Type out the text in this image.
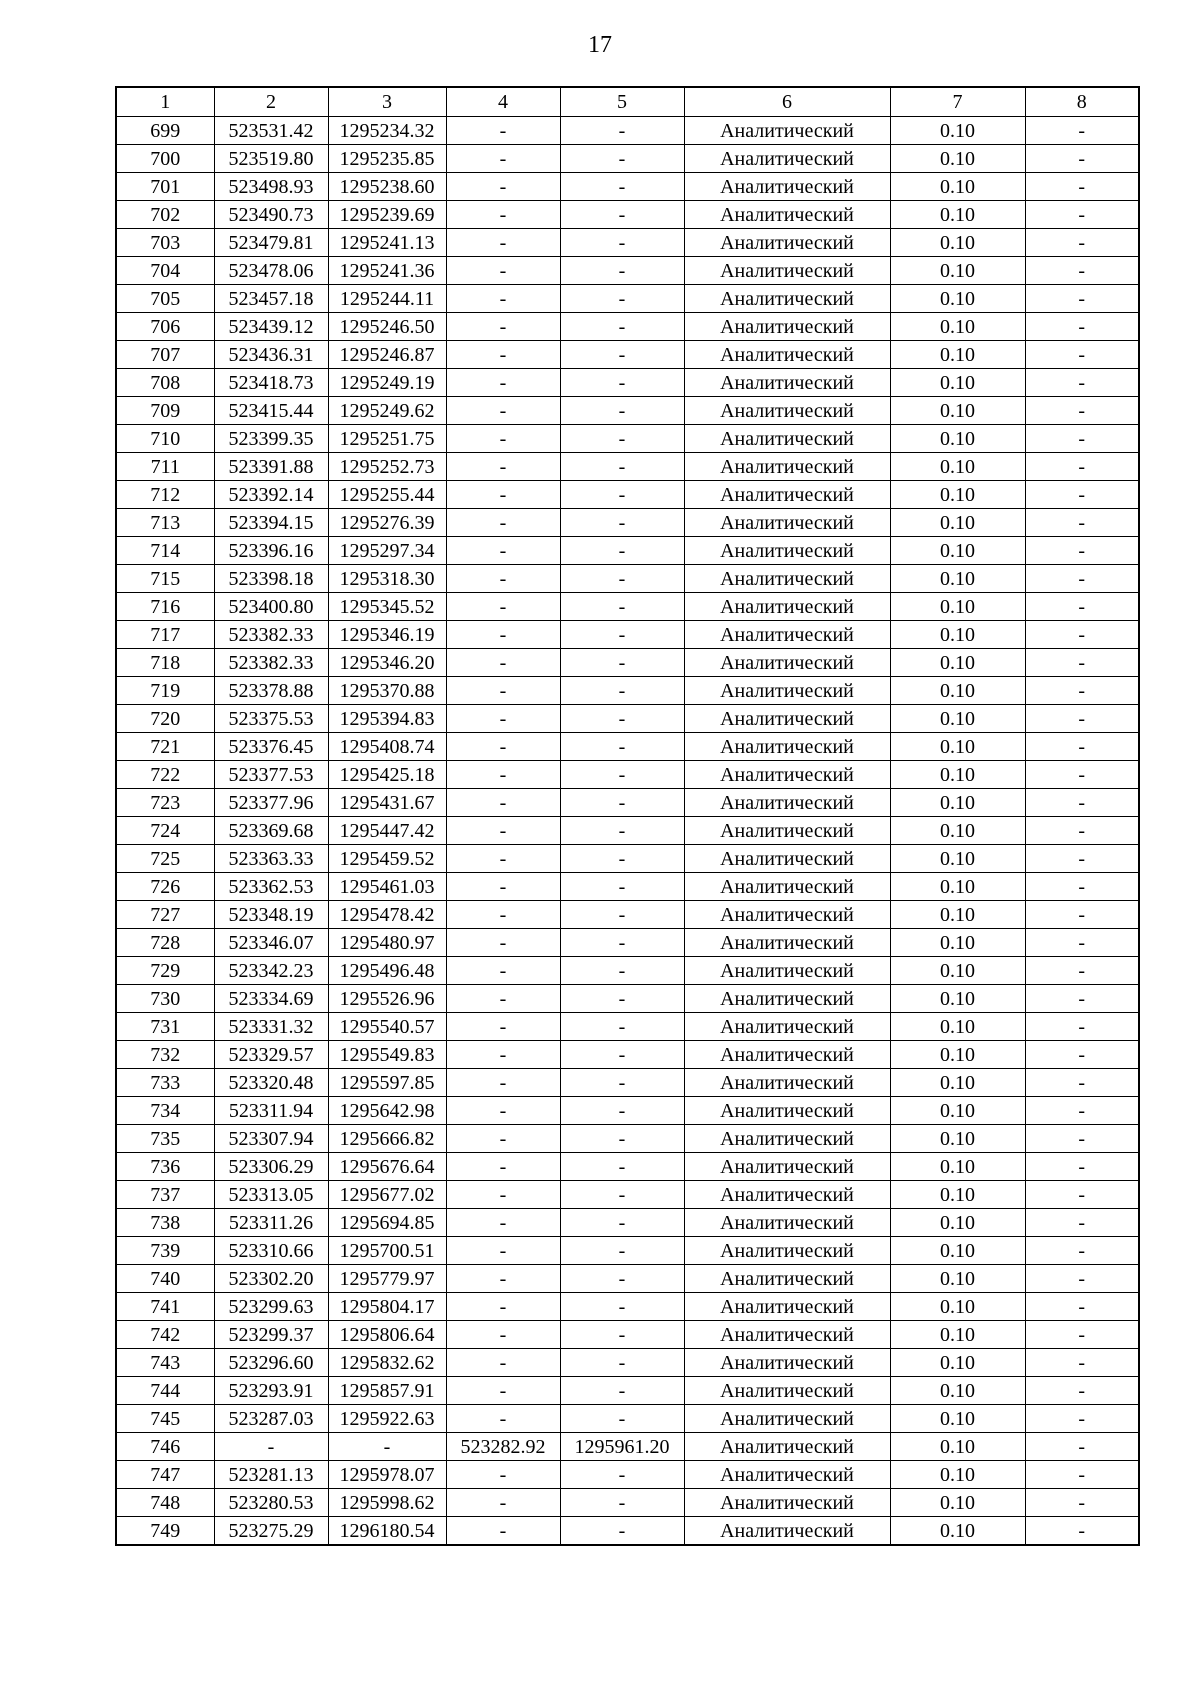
17
1	2	3	4	5	6	7	8
699	523531.42	1295234.32	-	-	Аналитический	0.10	-
700	523519.80	1295235.85	-	-	Аналитический	0.10	-
701	523498.93	1295238.60	-	-	Аналитический	0.10	-
702	523490.73	1295239.69	-	-	Аналитический	0.10	-
703	523479.81	1295241.13	-	-	Аналитический	0.10	-
704	523478.06	1295241.36	-	-	Аналитический	0.10	-
705	523457.18	1295244.11	-	-	Аналитический	0.10	-
706	523439.12	1295246.50	-	-	Аналитический	0.10	-
707	523436.31	1295246.87	-	-	Аналитический	0.10	-
708	523418.73	1295249.19	-	-	Аналитический	0.10	-
709	523415.44	1295249.62	-	-	Аналитический	0.10	-
710	523399.35	1295251.75	-	-	Аналитический	0.10	-
711	523391.88	1295252.73	-	-	Аналитический	0.10	-
712	523392.14	1295255.44	-	-	Аналитический	0.10	-
713	523394.15	1295276.39	-	-	Аналитический	0.10	-
714	523396.16	1295297.34	-	-	Аналитический	0.10	-
715	523398.18	1295318.30	-	-	Аналитический	0.10	-
716	523400.80	1295345.52	-	-	Аналитический	0.10	-
717	523382.33	1295346.19	-	-	Аналитический	0.10	-
718	523382.33	1295346.20	-	-	Аналитический	0.10	-
719	523378.88	1295370.88	-	-	Аналитический	0.10	-
720	523375.53	1295394.83	-	-	Аналитический	0.10	-
721	523376.45	1295408.74	-	-	Аналитический	0.10	-
722	523377.53	1295425.18	-	-	Аналитический	0.10	-
723	523377.96	1295431.67	-	-	Аналитический	0.10	-
724	523369.68	1295447.42	-	-	Аналитический	0.10	-
725	523363.33	1295459.52	-	-	Аналитический	0.10	-
726	523362.53	1295461.03	-	-	Аналитический	0.10	-
727	523348.19	1295478.42	-	-	Аналитический	0.10	-
728	523346.07	1295480.97	-	-	Аналитический	0.10	-
729	523342.23	1295496.48	-	-	Аналитический	0.10	-
730	523334.69	1295526.96	-	-	Аналитический	0.10	-
731	523331.32	1295540.57	-	-	Аналитический	0.10	-
732	523329.57	1295549.83	-	-	Аналитический	0.10	-
733	523320.48	1295597.85	-	-	Аналитический	0.10	-
734	523311.94	1295642.98	-	-	Аналитический	0.10	-
735	523307.94	1295666.82	-	-	Аналитический	0.10	-
736	523306.29	1295676.64	-	-	Аналитический	0.10	-
737	523313.05	1295677.02	-	-	Аналитический	0.10	-
738	523311.26	1295694.85	-	-	Аналитический	0.10	-
739	523310.66	1295700.51	-	-	Аналитический	0.10	-
740	523302.20	1295779.97	-	-	Аналитический	0.10	-
741	523299.63	1295804.17	-	-	Аналитический	0.10	-
742	523299.37	1295806.64	-	-	Аналитический	0.10	-
743	523296.60	1295832.62	-	-	Аналитический	0.10	-
744	523293.91	1295857.91	-	-	Аналитический	0.10	-
745	523287.03	1295922.63	-	-	Аналитический	0.10	-
746	-	-	523282.92	1295961.20	Аналитический	0.10	-
747	523281.13	1295978.07	-	-	Аналитический	0.10	-
748	523280.53	1295998.62	-	-	Аналитический	0.10	-
749	523275.29	1296180.54	-	-	Аналитический	0.10	-
